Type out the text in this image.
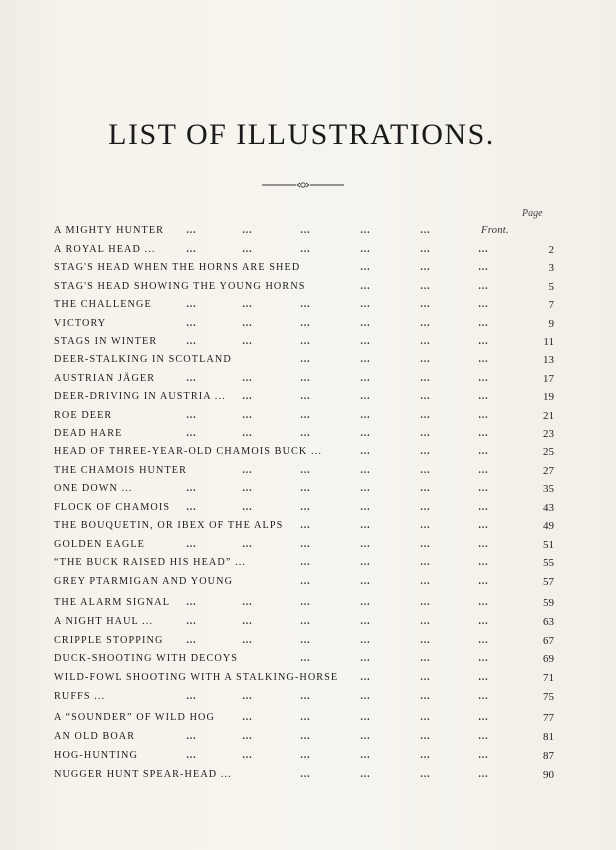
LIST OF ILLUSTRATIONS.
Page
…	…	…	…	…
A MIGHTY HUNTER	Front.
…	…	…	…	…	…
A ROYAL HEAD ...	2
…	…	…
STAG'S HEAD WHEN THE HORNS ARE SHED	3
…	…	…
STAG'S HEAD SHOWING THE YOUNG HORNS	5
…	…	…	…	…	…
THE CHALLENGE	7
…	…	…	…	…	…
VICTORY	9
…	…	…	…	…	…
STAGS IN WINTER	11
…	…	…	…
DEER-STALKING IN SCOTLAND	13
…	…	…	…	…	…
AUSTRIAN JÄGER	17
…	…	…	…	…
DEER-DRIVING IN AUSTRIA ...	19
…	…	…	…	…	…
ROE DEER	21
…	…	…	…	…	…
DEAD HARE	23
…	…	…
HEAD OF THREE-YEAR-OLD CHAMOIS BUCK ...	25
…	…	…	…	…
THE CHAMOIS HUNTER	27
…	…	…	…	…	…
ONE DOWN ...	35
…	…	…	…	…	…
FLOCK OF CHAMOIS	43
…	…	…	…
THE BOUQUETIN, OR IBEX OF THE ALPS	49
…	…	…	…	…	…
GOLDEN EAGLE	51
…	…	…	…
“THE BUCK RAISED HIS HEAD” ...	55
…	…	…	…
GREY PTARMIGAN AND YOUNG	57
…	…	…	…	…	…
THE ALARM SIGNAL	59
…	…	…	…	…	…
A NIGHT HAUL ...	63
…	…	…	…	…	…
CRIPPLE STOPPING	67
…	…	…	…
DUCK-SHOOTING WITH DECOYS	69
…	…	…
WILD-FOWL SHOOTING WITH A STALKING-HORSE	71
…	…	…	…	…	…
RUFFS ...	75
…	…	…	…	…
A “SOUNDER” OF WILD HOG	77
…	…	…	…	…	…
AN OLD BOAR	81
…	…	…	…	…	…
HOG-HUNTING	87
…	…	…	…
NUGGER HUNT SPEAR-HEAD ...	90
